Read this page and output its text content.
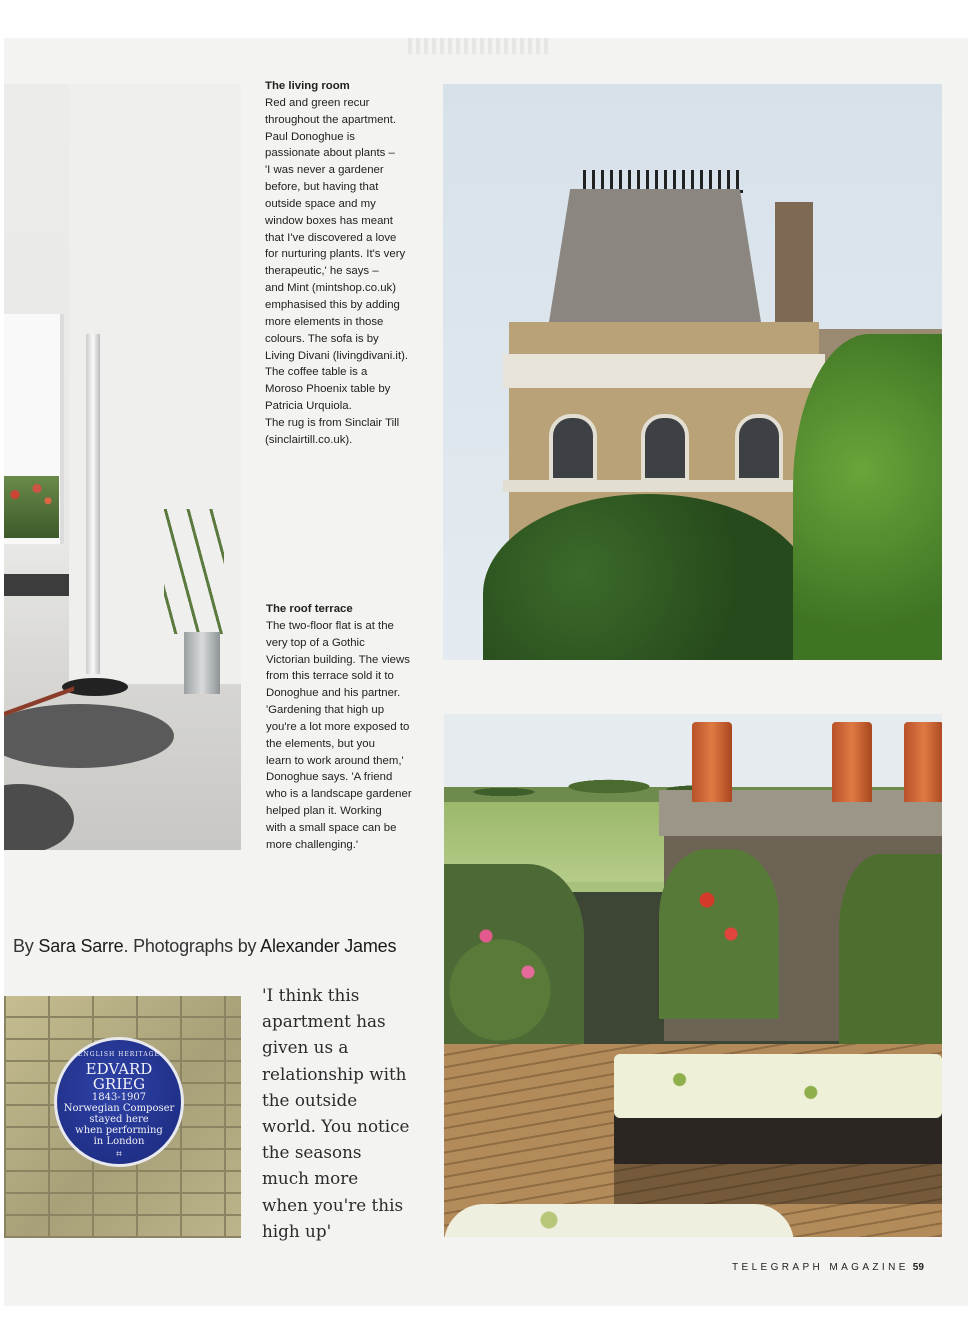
The living room
Red and green recur
throughout the apartment.
Paul Donoghue is
passionate about plants –
'I was never a gardener
before, but having that
outside space and my
window boxes has meant
that I've discovered a love
for nurturing plants. It's very
therapeutic,' he says –
and Mint (mintshop.co.uk)
emphasised this by adding
more elements in those
colours. The sofa is by
Living Divani (livingdivani.it).
The coffee table is a
Moroso Phoenix table by
Patricia Urquiola.
The rug is from Sinclair Till
(sinclairtill.co.uk).
The roof terrace
The two-floor flat is at the
very top of a Gothic
Victorian building. The views
from this terrace sold it to
Donoghue and his partner.
'Gardening that high up
you're a lot more exposed to
the elements, but you
learn to work around them,'
Donoghue says. 'A friend
who is a landscape gardener
helped plan it. Working
with a small space can be
more challenging.'
By Sara Sarre. Photographs by Alexander James
ENGLISH HERITAGE
EDVARD
GRIEG
1843-1907
Norwegian Composer
stayed here
when performing
in London
⌗
'I think this
apartment has
given us a
relationship with
the outside
world. You notice
the seasons
much more
when you're this
high up'
TELEGRAPH MAGAZINE 59
